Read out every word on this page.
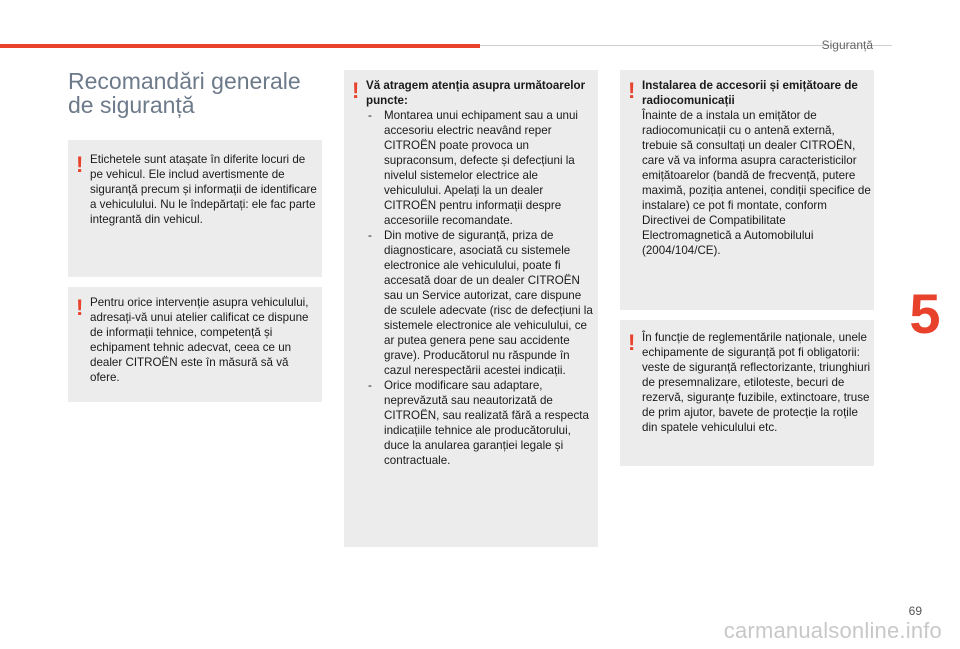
Siguranță
5
Recomandări generale de siguranță
! Etichetele sunt atașate în diferite locuri de pe vehicul. Ele includ avertismente de siguranță precum și informații de identificare a vehiculului. Nu le îndepărtați: ele fac parte integrantă din vehicul.
! Pentru orice intervenție asupra vehiculului, adresați-vă unui atelier calificat ce dispune de informații tehnice, competență și echipament tehnic adecvat, ceea ce un dealer CITROËN este în măsură să vă ofere.
! Vă atragem atenția asupra următoarelor puncte:
- Montarea unui echipament sau a unui accesoriu electric neavând reper CITROËN poate provoca un supraconsum, defecte și defecțiuni la nivelul sistemelor electrice ale vehiculului. Apelați la un dealer CITROËN pentru informații despre accesoriile recomandate.
- Din motive de siguranță, priza de diagnosticare, asociată cu sistemele electronice ale vehiculului, poate fi accesată doar de un dealer CITROËN sau un Service autorizat, care dispune de sculele adecvate (risc de defecțiuni la sistemele electronice ale vehiculului, ce ar putea genera pene sau accidente grave). Producătorul nu răspunde în cazul nerespectării acestei indicații.
- Orice modificare sau adaptare, neprevăzută sau neautorizată de CITROËN, sau realizată fără a respecta indicațiile tehnice ale producătorului, duce la anularea garanției legale și contractuale.
! Instalarea de accesorii și emițătoare de radiocomunicații
Înainte de a instala un emițător de radiocomunicații cu o antenă externă, trebuie să consultați un dealer CITROËN, care vă va informa asupra caracteristicilor emițătoarelor (bandă de frecvență, putere maximă, poziția antenei, condiții specifice de instalare) ce pot fi montate, conform Directivei de Compatibilitate Electromagnetică a Automobilului (2004/104/CE).
! În funcție de reglementările naționale, unele echipamente de siguranță pot fi obligatorii: veste de siguranță reflectorizante, triunghiuri de presemnalizare, etiloteste, becuri de rezervă, siguranțe fuzibile, extinctoare, truse de prim ajutor, bavete de protecție la roțile din spatele vehiculului etc.
69
carmanualsonline.info
